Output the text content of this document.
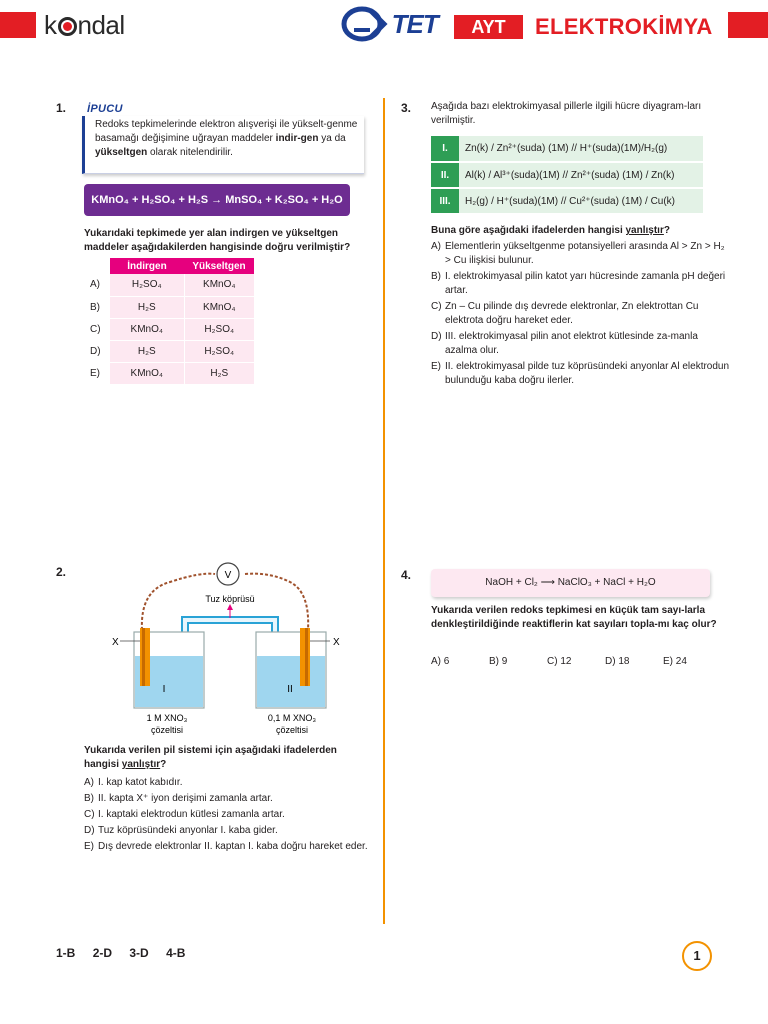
k ndal	TET	AYT	ELEKTROKİMYA
1. İPUCU

Redoks tepkimelerinde elektron alışverişi ile yükselt-genme basamağı değişimine uğrayan maddeler indir-gen ya da yükseltgen olarak nitelendirilir.

KMnO₄ + H₂SO₄ + H₂S → MnSO₄ + K₂SO₄ + H₂O
Yukarıdaki tepkimede yer alan indirgen ve yükseltgen maddeler aşağıdakilerden hangisinde doğru verilmiştir?
	İndirgen	Yükseltgen
A)	H₂SO₄	KMnO₄
B)	H₂S	KMnO₄
C)	KMnO₄	H₂SO₄
D)	H₂S	H₂SO₄
E)	KMnO₄	H₂S
3. Aşağıda bazı elektrokimyasal pillerle ilgili hücre diyagram-ları verilmiştir.
I.	Zn(k) / Zn²⁺(suda) (1M) // H⁺(suda)(1M)/H₂(g)
II.	Al(k) / Al³⁺(suda)(1M) // Zn²⁺(suda) (1M) / Zn(k)
III.	H₂(g) / H⁺(suda)(1M) // Cu²⁺(suda) (1M) / Cu(k)
Buna göre aşağıdaki ifadelerden hangisi yanlıştır?
A) Elementlerin yükseltgenme potansiyelleri arasında Al > Zn > H₂ > Cu ilişkisi bulunur.
B) I. elektrokimyasal pilin katot yarı hücresinde zamanla pH değeri artar.
C) Zn – Cu pilinde dış devrede elektronlar, Zn elektrottan Cu elektrota doğru hareket eder.
D) III. elektrokimyasal pilin anot elektrot kütlesinde za-manla azalma olur.
E) II. elektrokimyasal pilde tuz köprüsündeki anyonlar Al elektrodun bulunduğu kaba doğru ilerler.
2.	V
Tuz köprüsü
X	X
I	II
1 M XNO₃
çözeltisi
0,1 M XNO₃
çözeltisi
Yukarıda verilen pil sistemi için aşağıdaki ifadelerden hangisi yanlıştır?
A) I. kap katot kabıdır.
B) II. kapta X⁺ iyon derişimi zamanla artar.
C) I. kaptaki elektrodun kütlesi zamanla artar.
D) Tuz köprüsündeki anyonlar I. kaba gider.
E) Dış devrede elektronlar II. kaptan I. kaba doğru hareket eder.
4.
NaOH + Cl₂ ⟶ NaClO₃ + NaCl + H₂O
Yukarıda verilen redoks tepkimesi en küçük tam sayı-larla denkleştirildiğinde reaktiflerin kat sayıları topla-mı kaç olur?
A) 6	B) 9	C) 12	D) 18	E) 24
1-B 2-D 3-D 4-B	1
